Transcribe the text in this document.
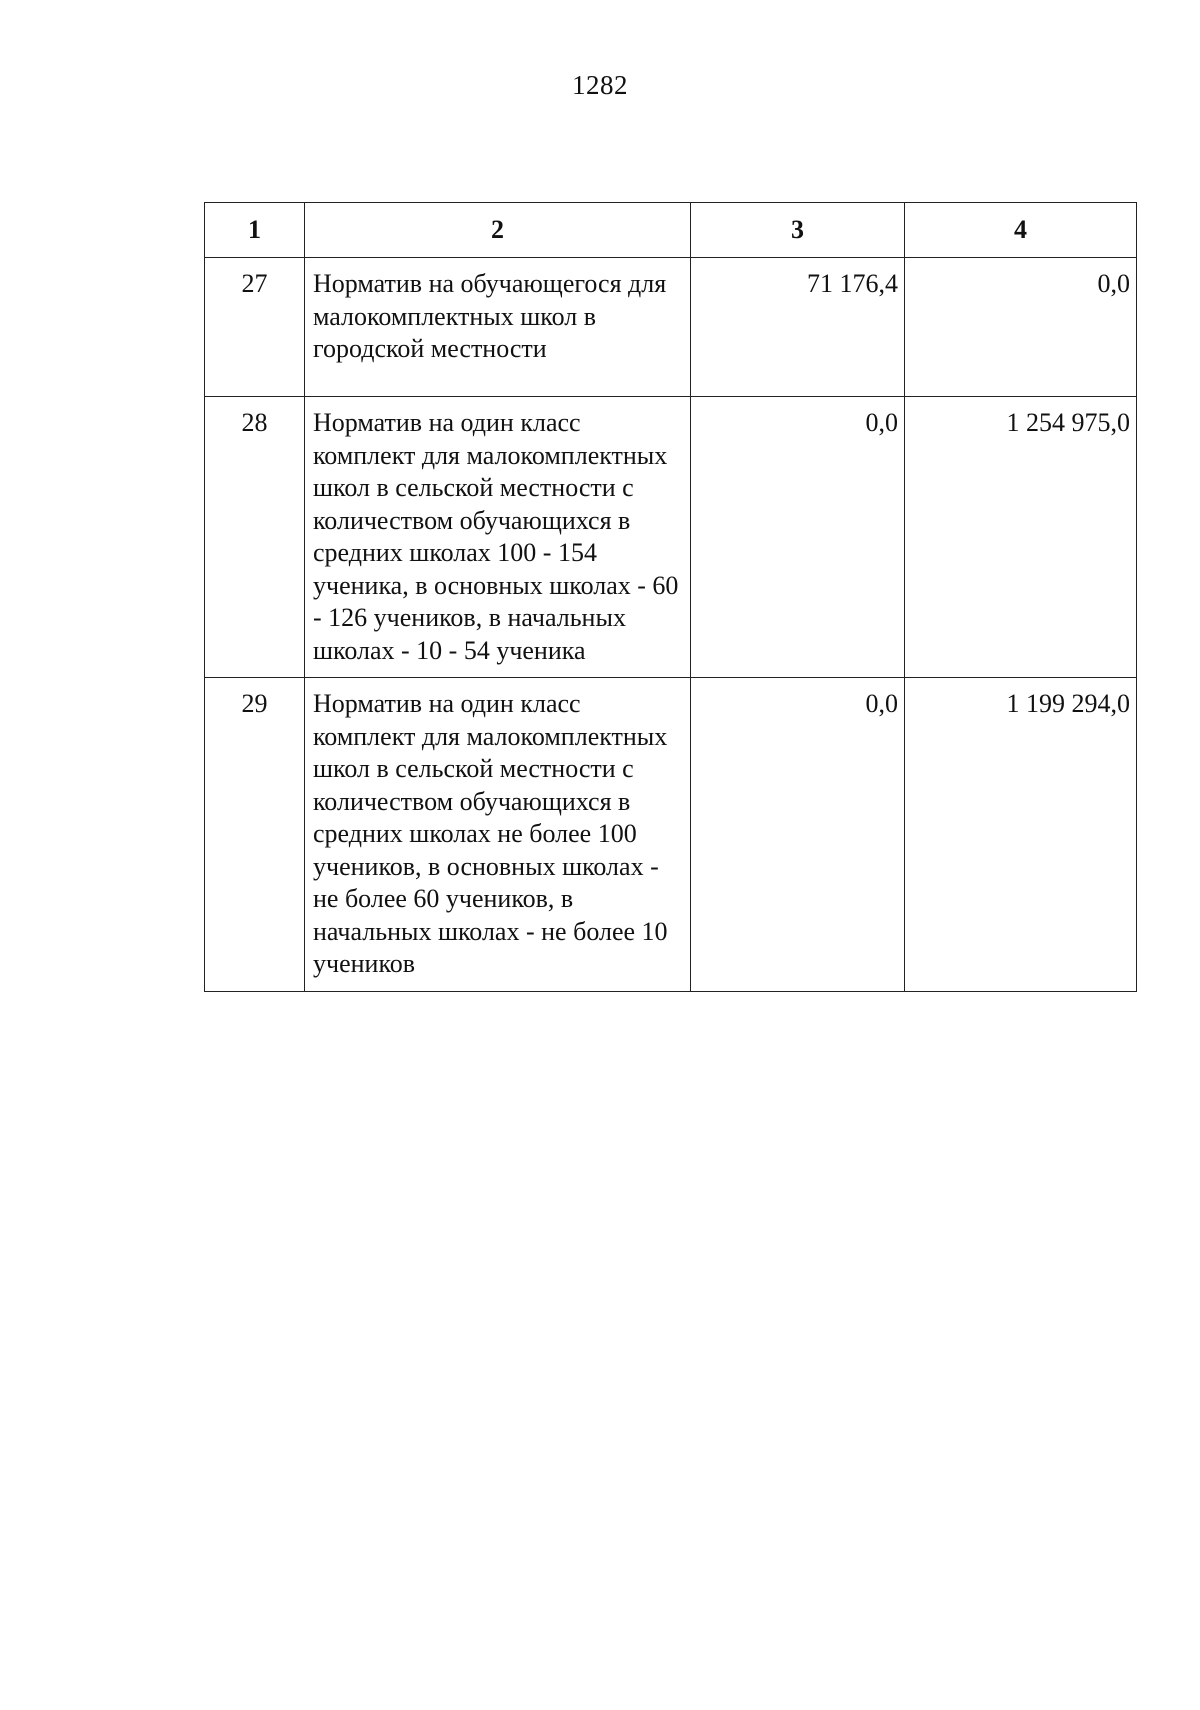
1282
1	2	3	4
27	Норматив на обучающегося для малокомплектных школ в городской местности	71 176,4	0,0
28	Норматив на один класс комплект для малокомплектных школ в сельской местности с количеством обучающихся в средних школах 100 - 154 ученика, в основных школах - 60 - 126 учеников, в начальных школах - 10 - 54 ученика	0,0	1 254 975,0
29	Норматив на один класс комплект для малокомплектных школ в сельской местности с количеством обучающихся в средних школах не более 100 учеников, в основных школах - не более 60 учеников, в начальных школах - не более 10 учеников	0,0	1 199 294,0
